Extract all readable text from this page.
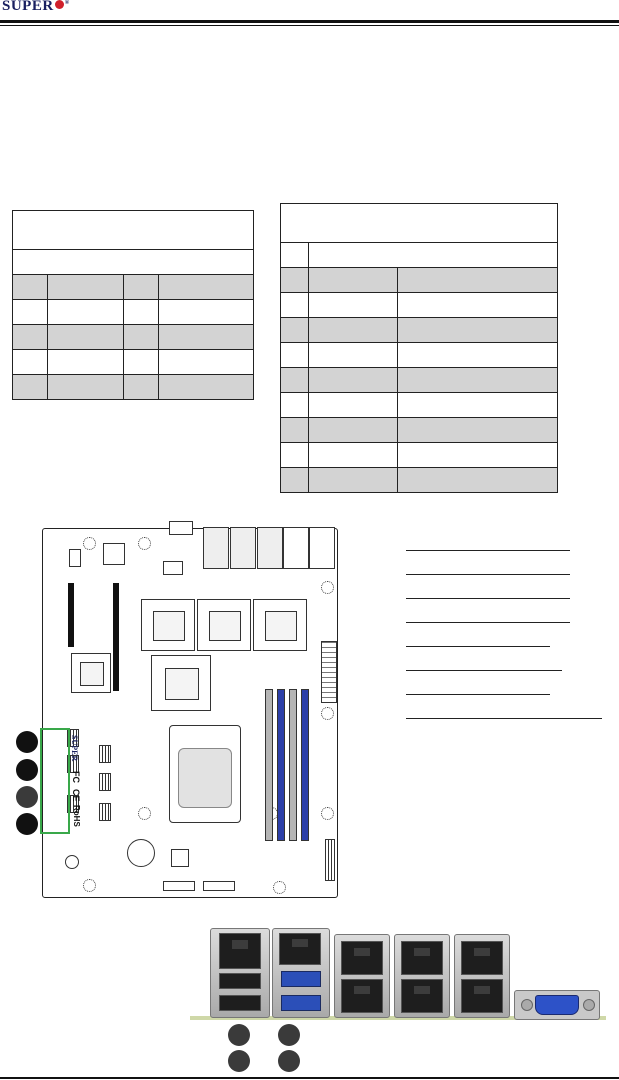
SUPER ®

SUPER
FC
CE
RoHS
